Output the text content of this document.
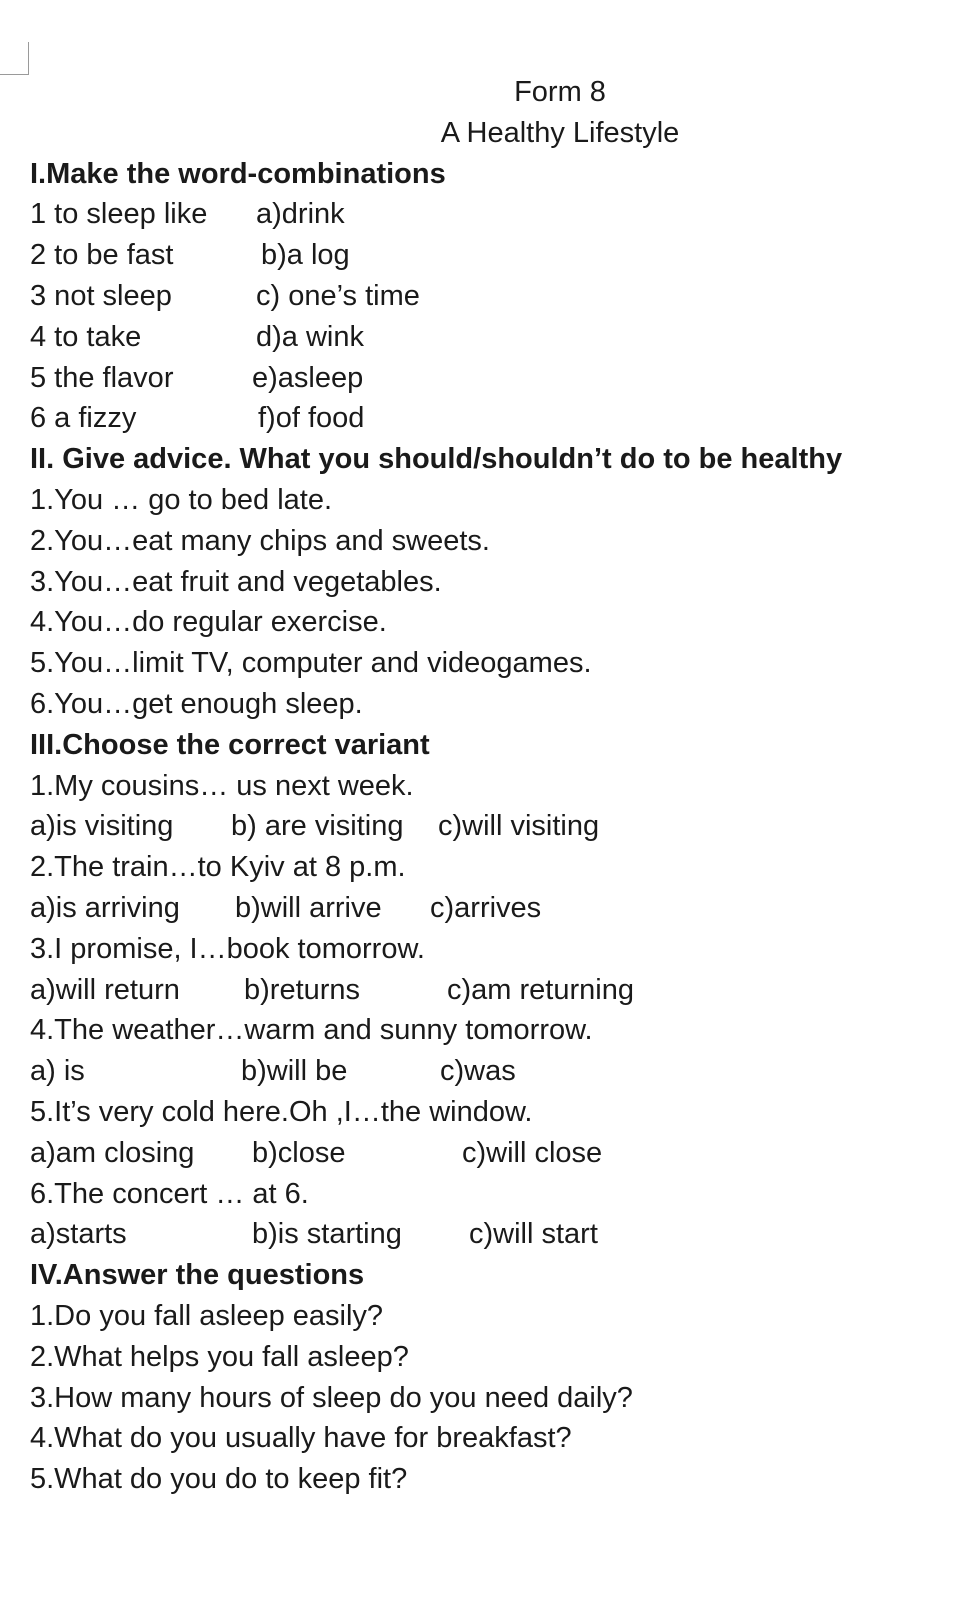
Form 8
A Healthy Lifestyle
I.Make the word-combinations
1 to sleep like a)drink
2 to be fast	b)a log
3 not sleep	c) one’s time
4 to take	d)a wink
5 the flavor	e)asleep
6 a fizzy	f)of food
II. Give advice. What you should/shouldn’t do to be healthy
1.You … go to bed late.
2.You…eat many chips and sweets.
3.You…eat fruit and vegetables.
4.You…do regular exercise.
5.You…limit TV, computer and videogames.
6.You…get enough sleep.
III.Choose the correct variant
1.My cousins… us next week.
a)is visiting b) are visiting c)will visiting
2.The train…to Kyiv at 8 p.m.
a)is arriving b)will arrive c)arrives
3.I promise, I…book tomorrow.
a)will return b)returns	c)am returning
4.The weather…warm and sunny tomorrow.
a) is	b)will be	c)was
5.It’s very cold here.Oh ,I…the window.
a)am closing b)close	c)will close
6.The concert … at 6.
a)starts	b)is starting c)will start
IV.Answer the questions
1.Do you fall asleep easily?
2.What helps you fall asleep?
3.How many hours of sleep do you need daily?
4.What do you usually have for breakfast?
5.What do you do to keep fit?
